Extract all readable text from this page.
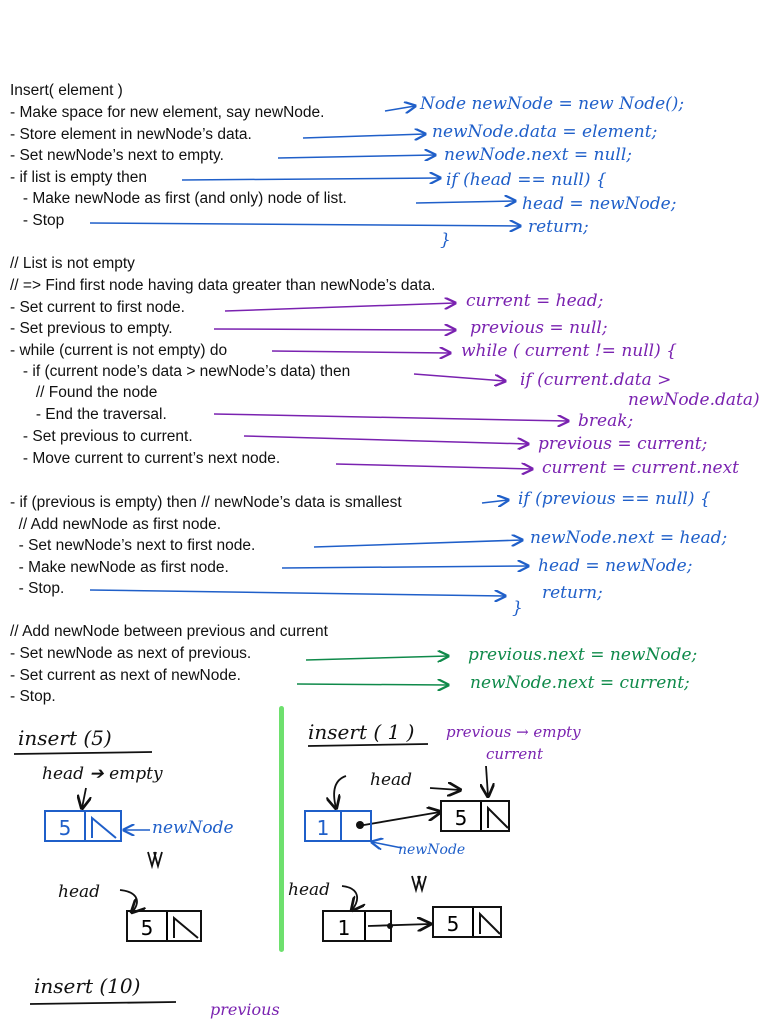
Insert( element )
- Make space for new element, say newNode.
- Store element in newNode’s data.
- Set newNode’s next to empty.
- if list is empty then
- Make newNode as first (and only) node of list.
- Stop
// List is not empty
// => Find first node having data greater than newNode’s data.
- Set current to first node.
- Set previous to empty.
- while (current is not empty) do
- if (current node’s data > newNode’s data) then
// Found the node
- End the traversal.
- Set previous to current.
- Move current to current’s next node.
- if (previous is empty) then // newNode’s data is smallest
// Add newNode as first node.
- Set newNode’s next to first node.
- Make newNode as first node.
- Stop.
// Add newNode between previous and current
- Set newNode as next of previous.
- Set current as next of newNode.
- Stop.
Node newNode = new Node();
newNode.data = element;
newNode.next = null;
if (head == null) {
head = newNode;
return;
}
current = head;
previous = null;
while ( current != null) {
if (current.data >
newNode.data)
break;
previous = current;
current = current.next
if (previous == null) {
newNode.next = head;
head = newNode;
return;
}
previous.next = newNode;
newNode.next = current;
insert (5)
head ➔ empty
5	newNode
head
5
insert ( 1 ) previous → empty
current
head
1	5
newNode
head
1	5
insert (10)
previous
